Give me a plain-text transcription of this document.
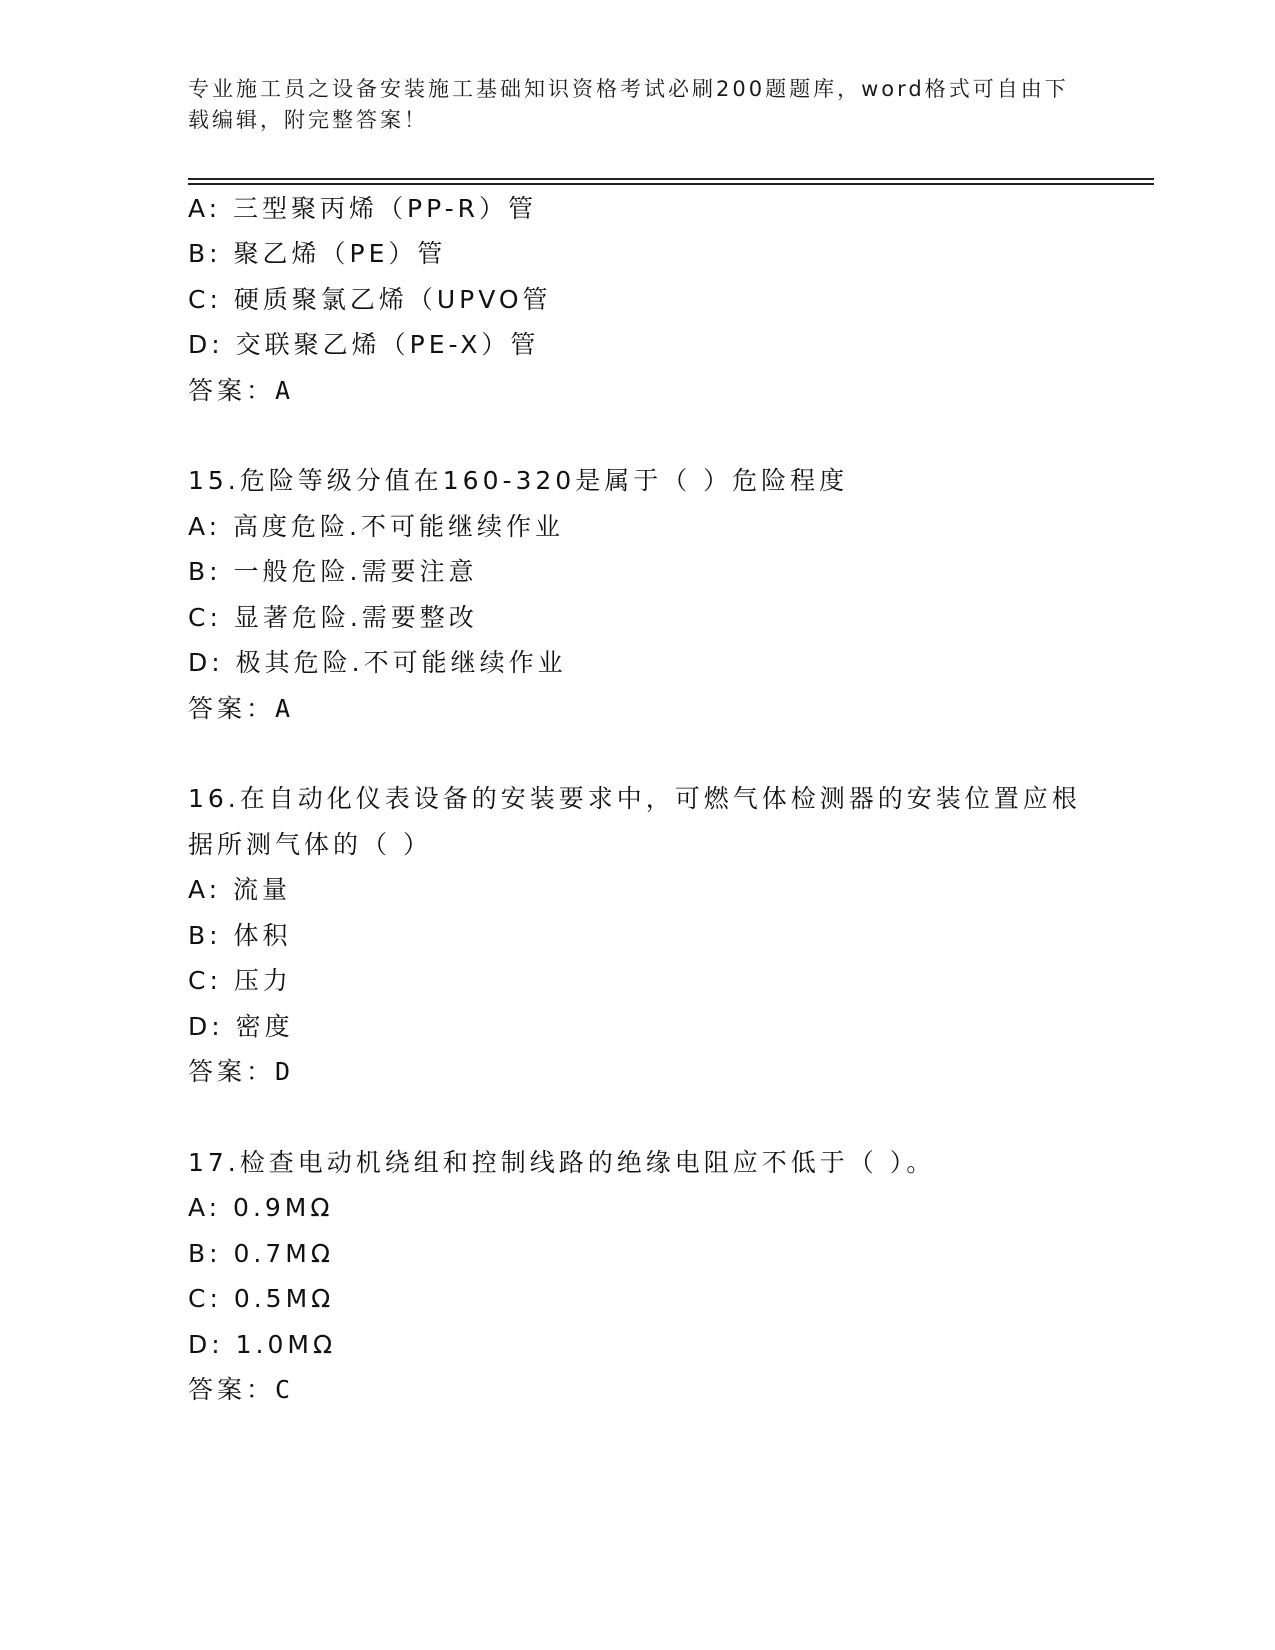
专业施工员之设备安装施工基础知识资格考试必刷200题题库，word格式可自由下载编辑，附完整答案！
A: 三型聚丙烯（PP-R）管
B: 聚乙烯（PE）管
C: 硬质聚氯乙烯（UPVO管
D: 交联聚乙烯（PE-X）管
答案：A
15.危险等级分值在160-320是属于（ ）危险程度
A: 高度危险.不可能继续作业
B: 一般危险.需要注意
C: 显著危险.需要整改
D: 极其危险.不可能继续作业
答案：A
16.在自动化仪表设备的安装要求中，可燃气体检测器的安装位置应根
据所测气体的（ ）
A: 流量
B: 体积
C: 压力
D: 密度
答案：D
17.检查电动机绕组和控制线路的绝缘电阻应不低于（ ）。
A: 0.9MΩ
B: 0.7MΩ
C: 0.5MΩ
D: 1.0MΩ
答案：C
